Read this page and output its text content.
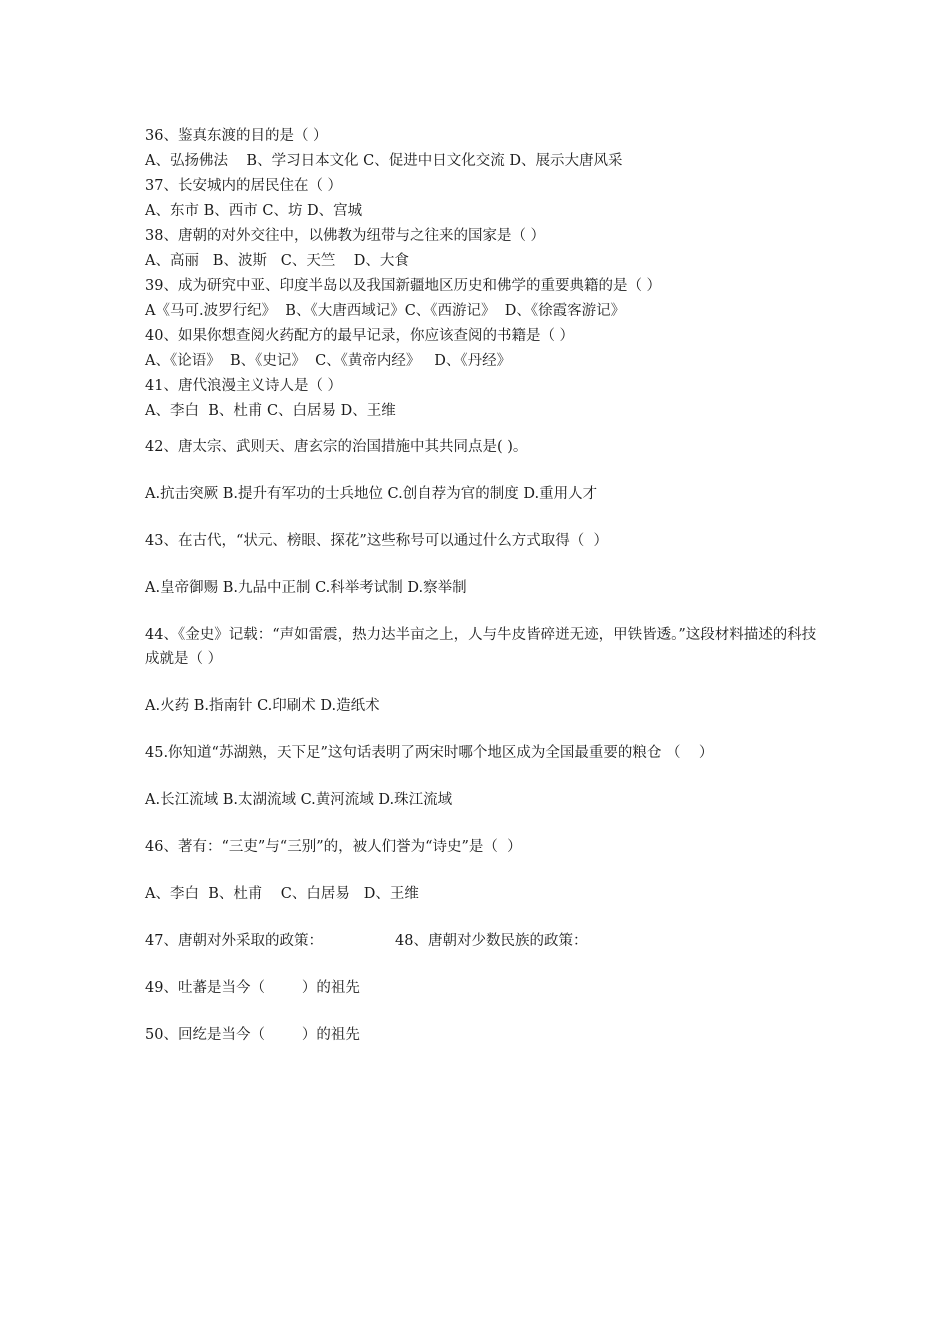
36、鉴真东渡的目的是（ ）

A、弘扬佛法    B、学习日本文化 C、促进中日文化交流 D、展示大唐风采

37、长安城内的居民住在（ ）

A、东市 B、西市 C、坊 D、宫城

38、唐朝的对外交往中，以佛教为纽带与之往来的国家是（ ）

A、高丽   B、波斯   C、天竺    D、大食

39、成为研究中亚、印度半岛以及我国新疆地区历史和佛学的重要典籍的是（ ）

A《马可.波罗行纪》  B、《大唐西域记》C、《西游记》  D、《徐霞客游记》

40、如果你想查阅火药配方的最早记录，你应该查阅的书籍是（ ）

A、《论语》  B、《史记》  C、《黄帝内经》   D、《丹经》

41、唐代浪漫主义诗人是（ ）

A、李白  B、杜甫 C、白居易 D、王维

42、唐太宗、武则天、唐玄宗的治国措施中其共同点是( )。

A.抗击突厥 B.提升有军功的士兵地位 C.创自荐为官的制度 D.重用人才

43、在古代，“状元、榜眼、探花”这些称号可以通过什么方式取得（  ）

A.皇帝御赐 B.九品中正制 C.科举考试制 D.察举制

44、《金史》记载：“声如雷震，热力达半亩之上，人与牛皮皆碎迸无迹，甲铁皆透。”这段材料描述的科技成就是（ ）

A.火药 B.指南针 C.印刷术 D.造纸术

45.你知道“苏湖熟，天下足”这句话表明了两宋时哪个地区成为全国最重要的粮仓 （    ）

A.长江流域 B.太湖流域 C.黄河流域 D.珠江流域

46、著有：“三吏”与“三别”的，被人们誉为“诗史”是（  ）

A、李白  B、杜甫    C、白居易   D、王维

47、唐朝对外采取的政策：	48、唐朝对少数民族的政策：

49、吐蕃是当今（        ）的祖先

50、回纥是当今（        ）的祖先
